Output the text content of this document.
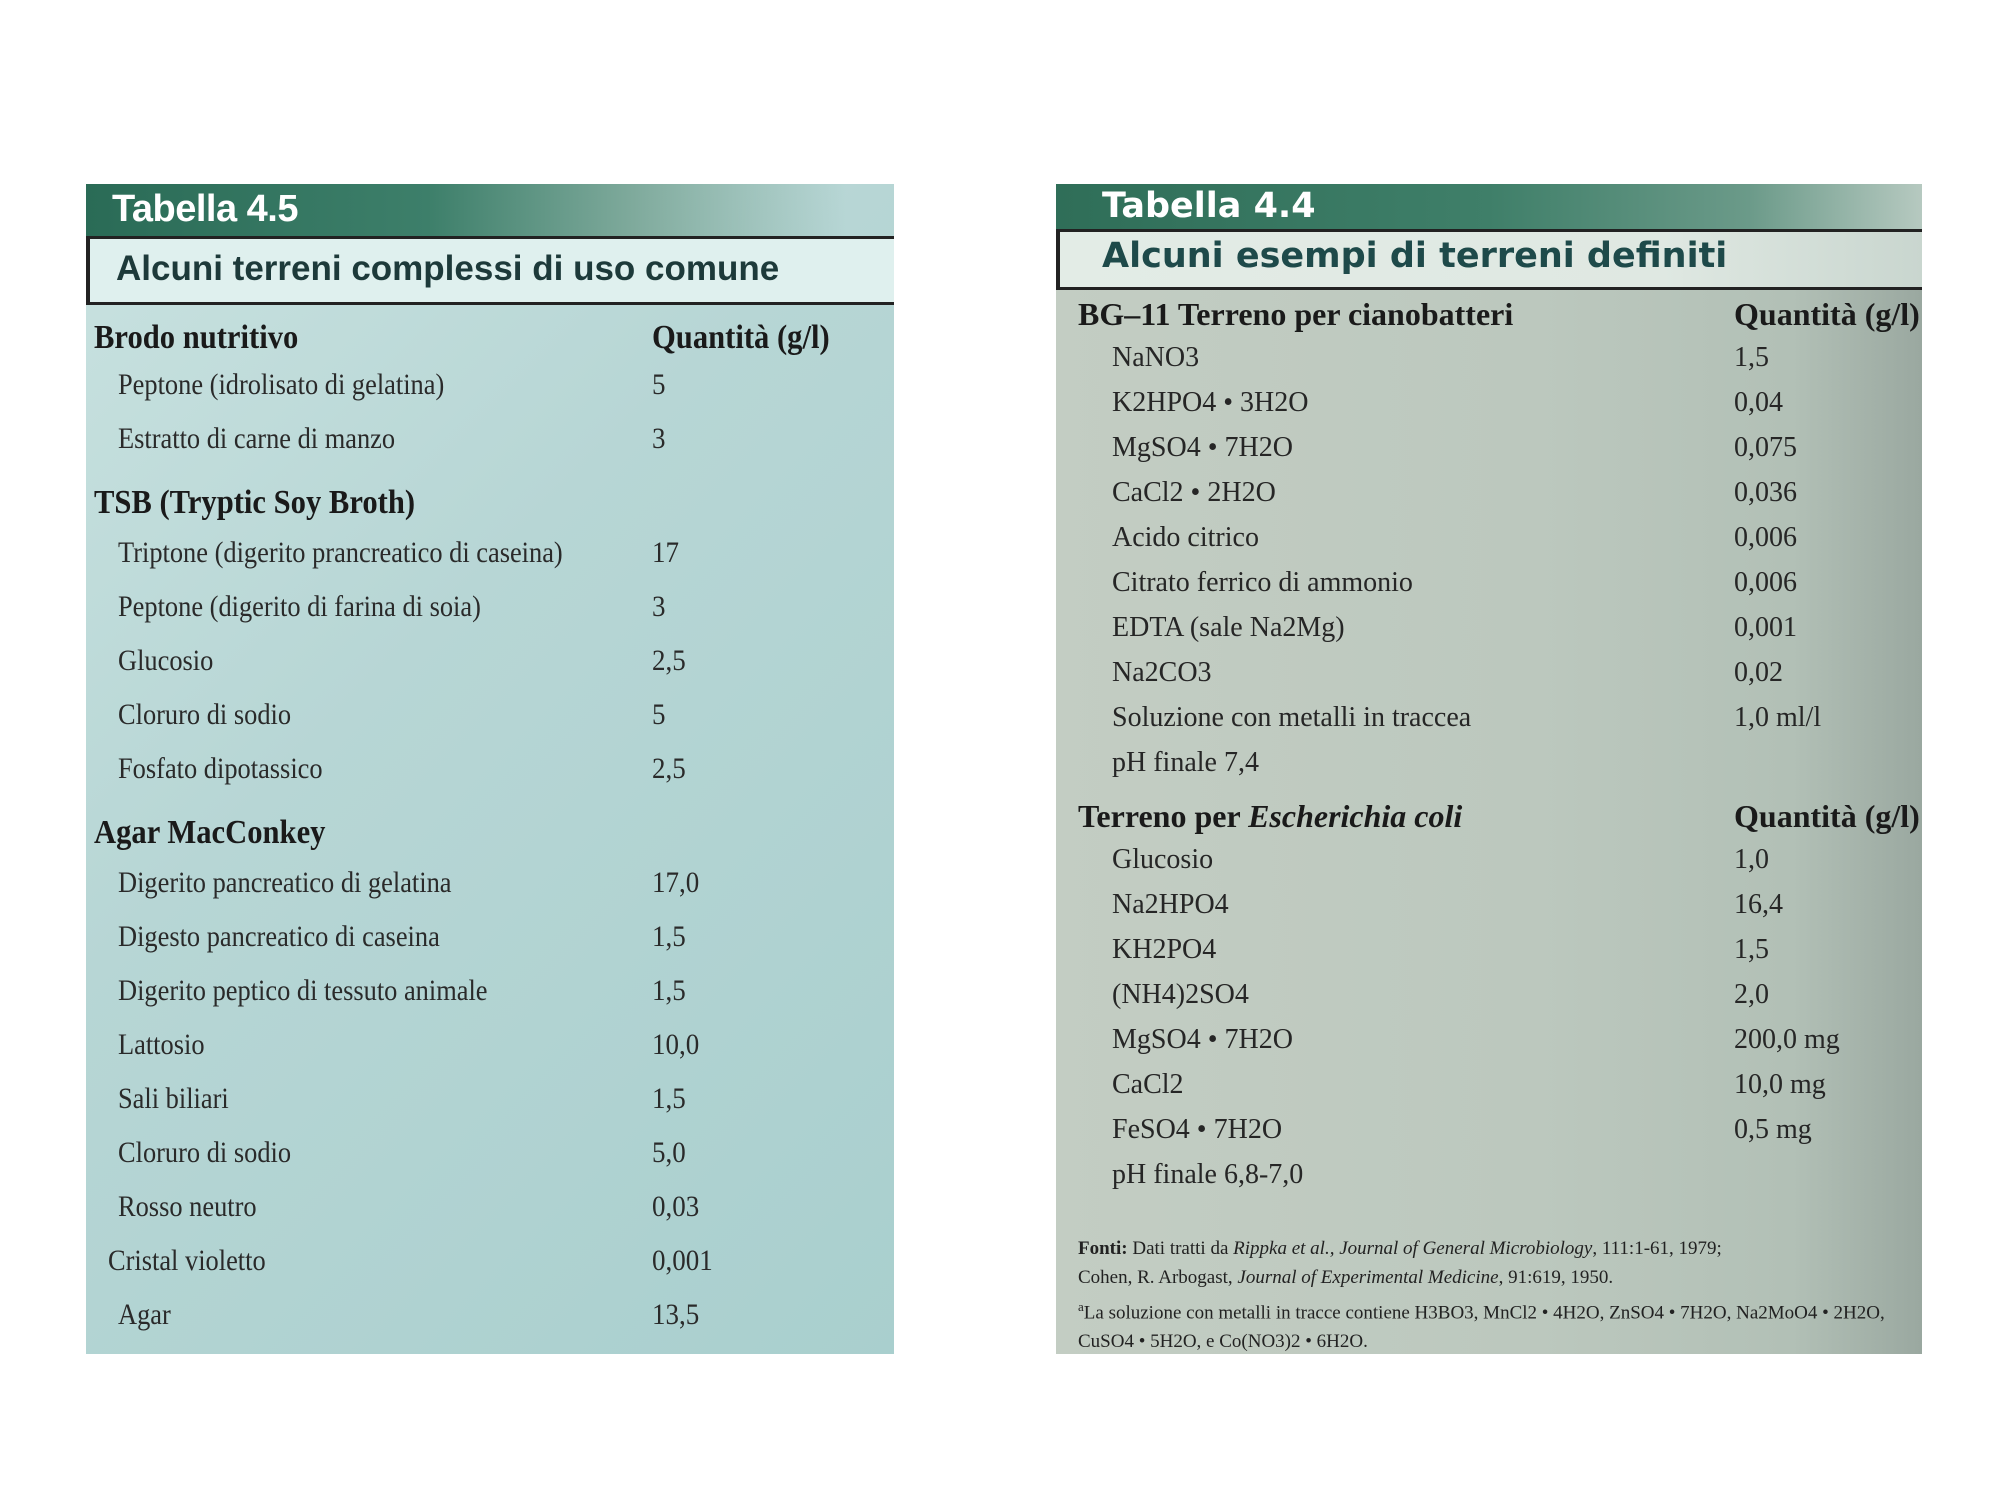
Tabella 4.5
Alcuni terreni complessi di uso comune
Brodo nutritivo	Quantità (g/l)
Peptone (idrolisato di gelatina)	5
Estratto di carne di manzo	3
TSB (Tryptic Soy Broth)
Triptone (digerito prancreatico di caseina)	17
Peptone (digerito di farina di soia)	3
Glucosio	2,5
Cloruro di sodio	5
Fosfato dipotassico	2,5
Agar MacConkey
Digerito pancreatico di gelatina	17,0
Digesto pancreatico di caseina	1,5
Digerito peptico di tessuto animale	1,5
Lattosio	10,0
Sali biliari	1,5
Cloruro di sodio	5,0
Rosso neutro	0,03
Cristal violetto	0,001
Agar	13,5
Tabella 4.4
Alcuni esempi di terreni definiti
BG–11 Terreno per cianobatteri	Quantità (g/l)
NaNO3	1,5
K2HPO4 • 3H2O	0,04
MgSO4 • 7H2O	0,075
CaCl2 • 2H2O	0,036
Acido citrico	0,006
Citrato ferrico di ammonio	0,006
EDTA (sale Na2Mg)	0,001
Na2CO3	0,02
Soluzione con metalli in traccea	1,0 ml/l
pH finale 7,4
Terreno per Escherichia coli	Quantità (g/l)
Glucosio	1,0
Na2HPO4	16,4
KH2PO4	1,5
(NH4)2SO4	2,0
MgSO4 • 7H2O	200,0 mg
CaCl2	10,0 mg
FeSO4 • 7H2O	0,5 mg
pH finale 6,8-7,0

Fonti: Dati tratti da Rippka et al., Journal of General Microbiology, 111:1-61, 1979;

Cohen, R. Arbogast, Journal of Experimental Medicine, 91:619, 1950.

$^a$La soluzione con metalli in tracce contiene H3BO3, MnCl2 • 4H2O, ZnSO4 • 7H2O, Na2MoO4 • 2H2O,

CuSO4 • 5H2O, e Co(NO3)2 • 6H2O.
